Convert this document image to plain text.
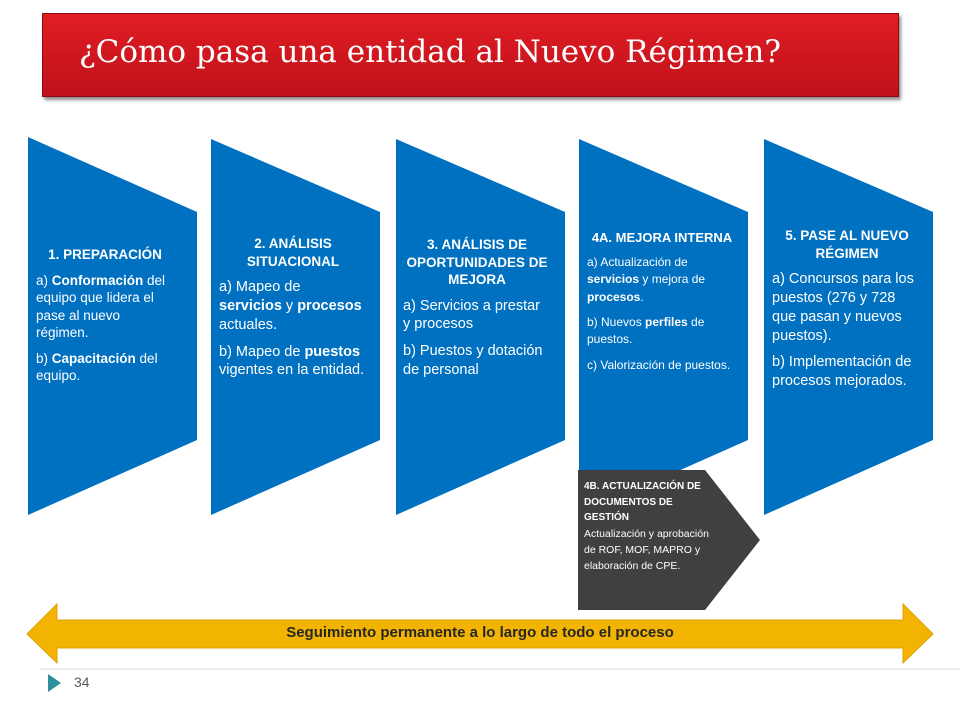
¿Cómo pasa una entidad al Nuevo Régimen?
1. PREPARACIÓN
a) Conformación del equipo que lidera el pase al nuevo régimen.
b) Capacitación del equipo.
2. ANÁLISIS SITUACIONAL
a) Mapeo de servicios y procesos actuales.
b) Mapeo de puestos vigentes en la entidad.
3. ANÁLISIS DE OPORTUNIDADES DE MEJORA
a) Servicios a prestar y procesos
b) Puestos y dotación de personal
4A. MEJORA INTERNA
a) Actualización de servicios y mejora de procesos.
b) Nuevos perfiles de puestos.
c) Valorización de puestos.
5. PASE AL NUEVO RÉGIMEN
a) Concursos para los puestos (276 y 728 que pasan y nuevos puestos).
b) Implementación de procesos mejorados.
4B. ACTUALIZACIÓN DE DOCUMENTOS DE GESTIÓN
Actualización y aprobación de ROF, MOF, MAPRO y elaboración de CPE.
Seguimiento permanente a lo largo de todo el proceso
34
